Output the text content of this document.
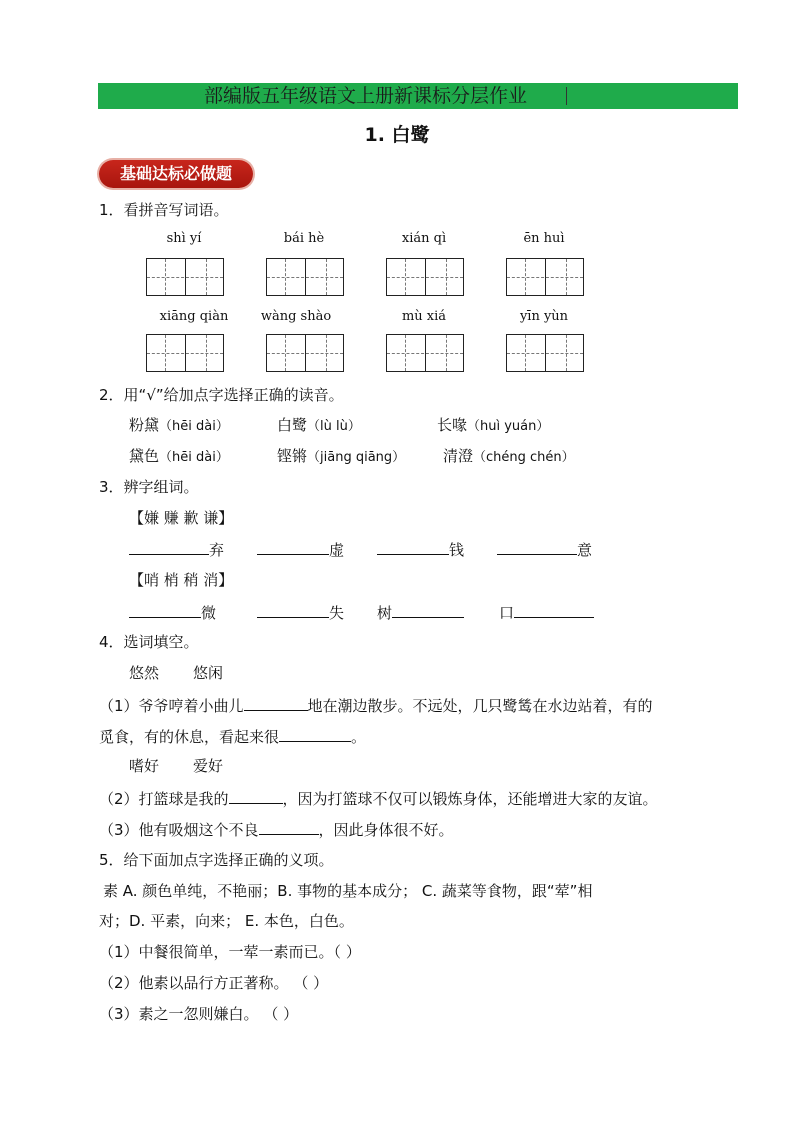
部编版五年级语文上册新课标分层作业
1. 白鹭
基础达标必做题
1．看拼音写词语。
shì yí	bái hè	xián qì	ēn huì
xiāng qiàn	wàng shào	mù xiá	yīn yùn
2．用“√”给加点字选择正确的读音。
粉黛（hēi dài）	白鹭（lù lù）	长喙（huì yuán）
黛色（hēi dài）	铿锵（jiāng qiāng）	清澄（chéng chén）
3．辨字组词。
【嫌 赚 歉 谦】
弃	虚	钱	意
【哨 梢 稍 消】
微	失 树	口
4．选词填空。
悠然 悠闲
（1）爷爷哼着小曲儿	地在潮边散步。不远处，几只鹭鸶在水边站着，有的
觅食，有的休息，看起来很	。
嗜好 爱好
（2）打篮球是我的	，因为打篮球不仅可以锻炼身体，还能增进大家的友谊。
（3）他有吸烟这个不良	，因此身体很不好。
5．给下面加点字选择正确的义项。
素 A. 颜色单纯，不艳丽；B. 事物的基本成分； C. 蔬菜等食物，跟“荤”相
对；D. 平素，向来； E. 本色，白色。
（1）中餐很简单，一荤一素而已。（ ）
（2）他素以品行方正著称。 （ ）
（3）素之一忽则嫌白。 （ ）
